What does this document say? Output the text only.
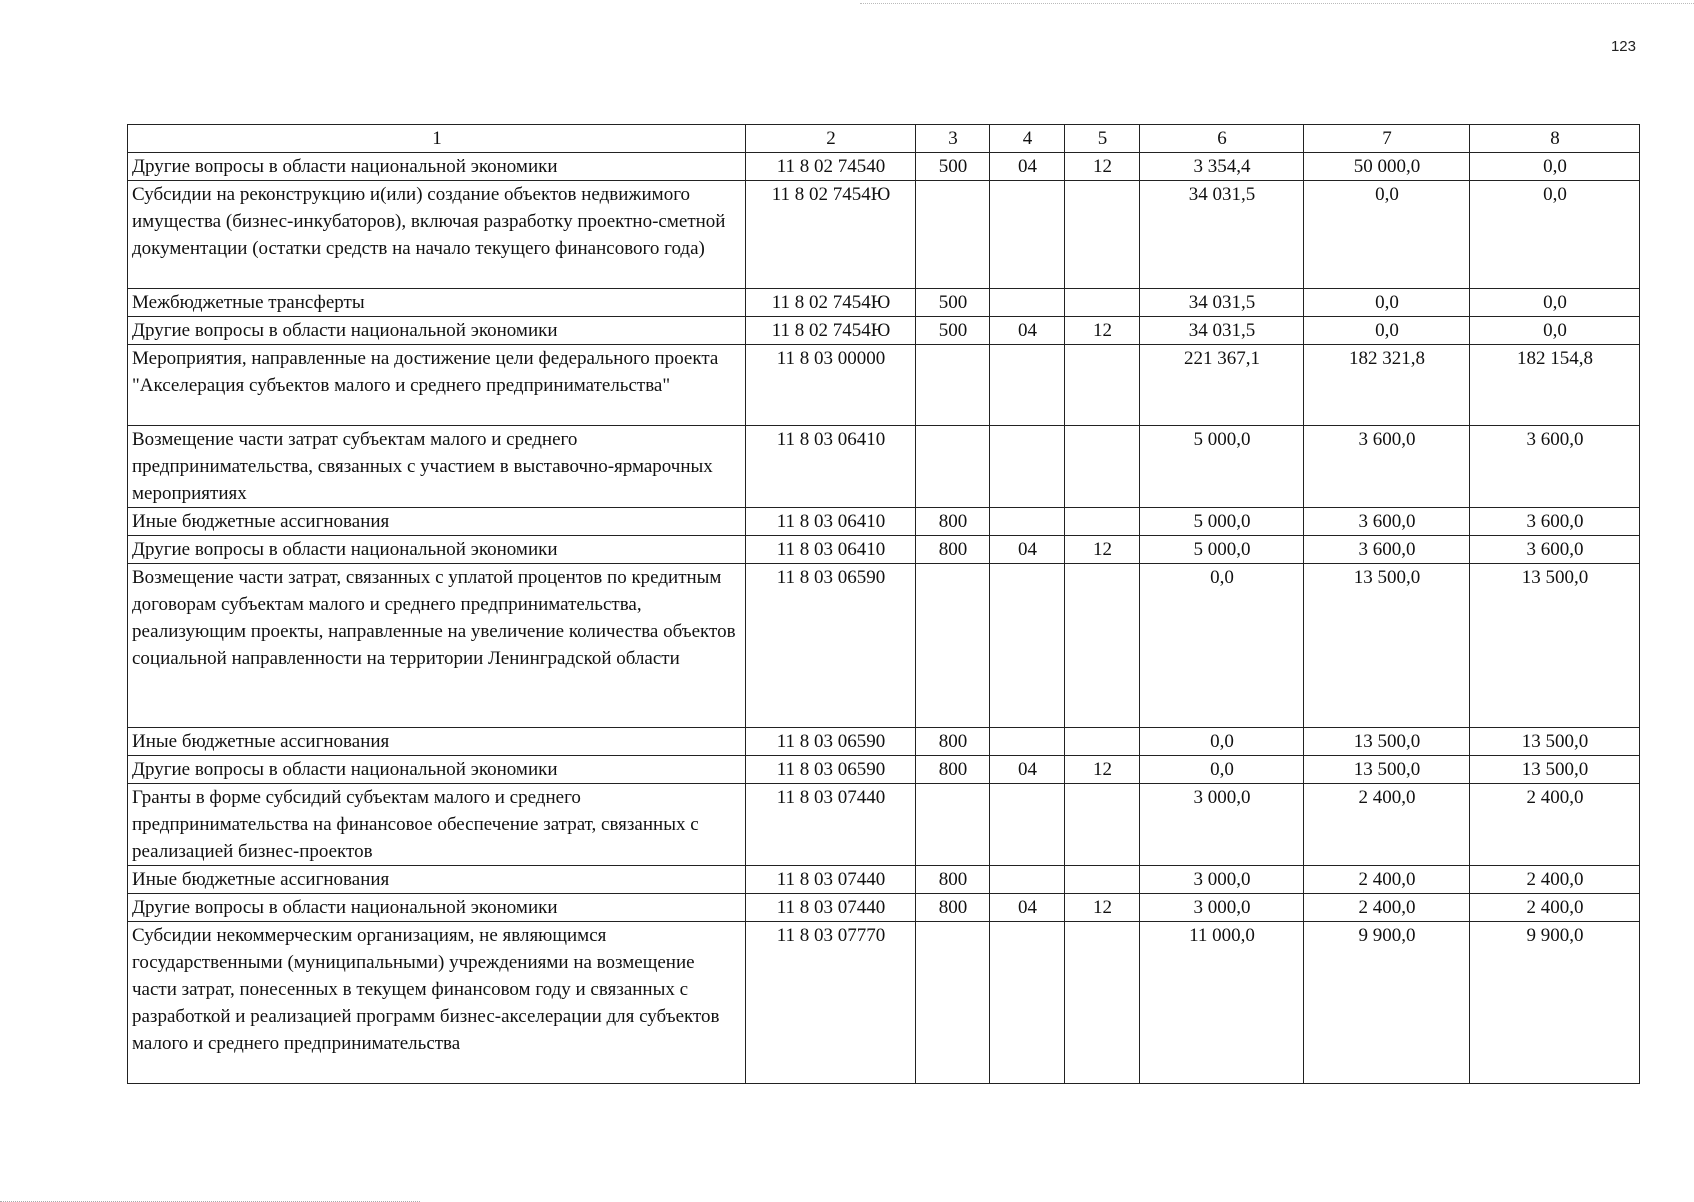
123
1	2	3	4	5	6	7	8
Другие вопросы в области национальной экономики	11 8 02 74540	500	04	12	3 354,4	50 000,0	0,0
Субсидии на реконструкцию и(или) создание объектов недвижимого имущества (бизнес-инкубаторов), включая разработку проектно-сметной документации (остатки средств на начало текущего финансового года)	11 8 02 7454Ю				34 031,5	0,0	0,0
Межбюджетные трансферты	11 8 02 7454Ю	500			34 031,5	0,0	0,0
Другие вопросы в области национальной экономики	11 8 02 7454Ю	500	04	12	34 031,5	0,0	0,0
Мероприятия, направленные на достижение цели федерального проекта "Акселерация субъектов малого и среднего предпринимательства"	11 8 03 00000				221 367,1	182 321,8	182 154,8
Возмещение части затрат субъектам малого и среднего предпринимательства, связанных с участием в выставочно-ярмарочных мероприятиях	11 8 03 06410				5 000,0	3 600,0	3 600,0
Иные бюджетные ассигнования	11 8 03 06410	800			5 000,0	3 600,0	3 600,0
Другие вопросы в области национальной экономики	11 8 03 06410	800	04	12	5 000,0	3 600,0	3 600,0
Возмещение части затрат, связанных с уплатой процентов по кредитным договорам субъектам малого и среднего предпринимательства, реализующим проекты, направленные на увеличение количества объектов социальной направленности на территории Ленинградской области	11 8 03 06590				0,0	13 500,0	13 500,0
Иные бюджетные ассигнования	11 8 03 06590	800			0,0	13 500,0	13 500,0
Другие вопросы в области национальной экономики	11 8 03 06590	800	04	12	0,0	13 500,0	13 500,0
Гранты в форме субсидий субъектам малого и среднего предпринимательства на финансовое обеспечение затрат, связанных с реализацией бизнес-проектов	11 8 03 07440				3 000,0	2 400,0	2 400,0
Иные бюджетные ассигнования	11 8 03 07440	800			3 000,0	2 400,0	2 400,0
Другие вопросы в области национальной экономики	11 8 03 07440	800	04	12	3 000,0	2 400,0	2 400,0
Субсидии некоммерческим организациям, не являющимся государственными (муниципальными) учреждениями на возмещение части затрат, понесенных в текущем финансовом году и связанных с разработкой и реализацией программ бизнес-акселерации для субъектов малого и среднего предпринимательства	11 8 03 07770				11 000,0	9 900,0	9 900,0
